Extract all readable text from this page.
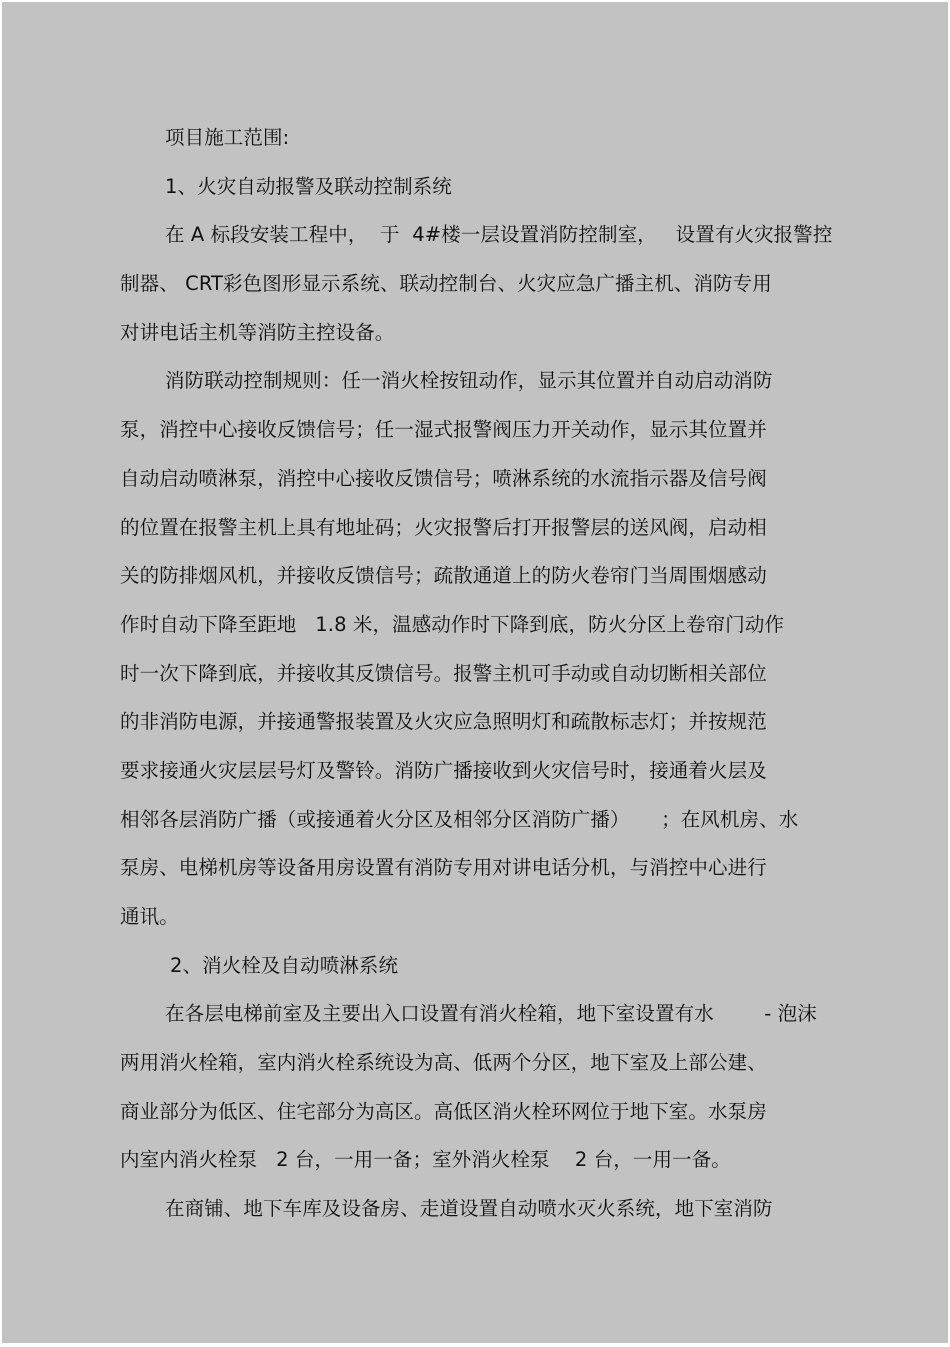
项目施工范围:
1、火灾自动报警及联动控制系统
在 A 标段安装工程中，  于  4#楼一层设置消防控制室，   设置有火灾报警控
制器、 CRT彩色图形显示系统、联动控制台、火灾应急广播主机、消防专用
对讲电话主机等消防主控设备。
消防联动控制规则：任一消火栓按钮动作，显示其位置并自动启动消防
泵，消控中心接收反馈信号；任一湿式报警阀压力开关动作，显示其位置并
自动启动喷淋泵，消控中心接收反馈信号；喷淋系统的水流指示器及信号阀
的位置在报警主机上具有地址码；火灾报警后打开报警层的送风阀，启动相
关的防排烟风机，并接收反馈信号；疏散通道上的防火卷帘门当周围烟感动
作时自动下降至距地   1.8 米，温感动作时下降到底，防火分区上卷帘门动作
时一次下降到底，并接收其反馈信号。报警主机可手动或自动切断相关部位
的非消防电源，并接通警报装置及火灾应急照明灯和疏散标志灯；并按规范
要求接通火灾层层号灯及警铃。消防广播接收到火灾信号时，接通着火层及
相邻各层消防广播（或接通着火分区及相邻分区消防广播）     ；在风机房、水
泵房、电梯机房等设备用房设置有消防专用对讲电话分机，与消控中心进行
通讯。
2、消火栓及自动喷淋系统
在各层电梯前室及主要出入口设置有消火栓箱，地下室设置有水        - 泡沫
两用消火栓箱，室内消火栓系统设为高、低两个分区，地下室及上部公建、
商业部分为低区、住宅部分为高区。高低区消火栓环网位于地下室。水泵房
内室内消火栓泵   2 台，一用一备；室外消火栓泵    2 台，一用一备。
在商铺、地下车库及设备房、走道设置自动喷水灭火系统，地下室消防
